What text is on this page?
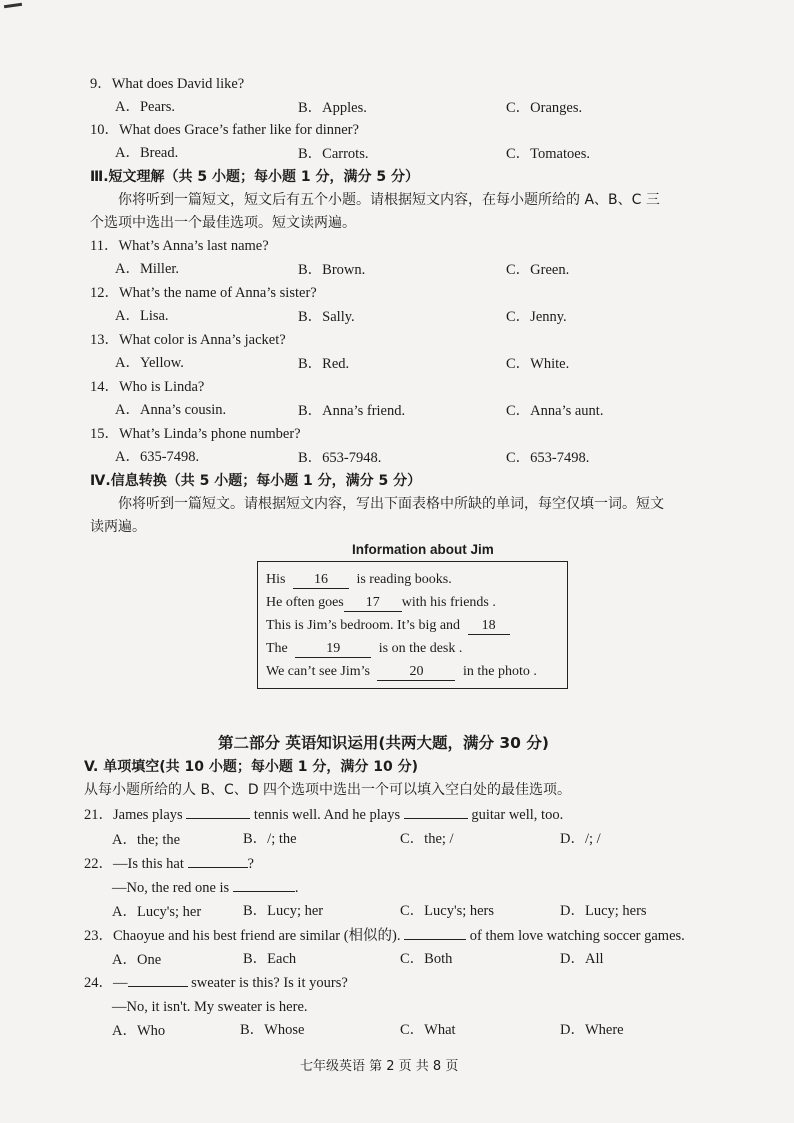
9．What does David like?
A．Pears.	B．Apples.	C．Oranges.
10．What does Grace’s father like for dinner?
A．Bread.	B．Carrots.	C．Tomatoes.
Ⅲ.短文理解（共 5 小题；每小题 1 分，满分 5 分）
你将听到一篇短文，短文后有五个小题。请根据短文内容，在每小题所给的 A、B、C 三
个选项中选出一个最佳选项。短文读两遍。
11．What’s Anna’s last name?
A．Miller.	B．Brown.	C．Green.
12．What’s the name of Anna’s sister?
A．Lisa.	B．Sally.	C．Jenny.
13．What color is Anna’s jacket?
A．Yellow.	B．Red.	C．White.
14．Who is Linda?
A．Anna’s cousin.	B．Anna’s friend.	C．Anna’s aunt.
15．What’s Linda’s phone number?
A．635-7498.	B．653-7948.	C．653-7498.
Ⅳ.信息转换（共 5 小题；每小题 1 分，满分 5 分）
你将听到一篇短文。请根据短文内容，写出下面表格中所缺的单词，每空仅填一词。短文
读两遍。
Information about Jim
His 16 is reading books.
He often goes 17 with his friends .
This is Jim’s bedroom. It’s big and 18
The	19	is on the desk .
We can’t see Jim’s	20	in the photo .
第二部分 英语知识运用(共两大题，满分 30 分)
V. 单项填空(共 10 小题；每小题 1 分，满分 10 分)
从每小题所给的人 B、C、D 四个选项中选出一个可以填入空白处的最佳选项。
21．James plays	tennis well. And he plays	guitar well, too.
A．the; the	B．/; the	C．the; /	D．/; /
22．—Is this hat	?
—No, the red one is	.
A．Lucy's; her	B．Lucy; her	C．Lucy's; hers	D．Lucy; hers
23．Chaoyue and his best friend are similar (相似的).	of them love watching soccer games.
A．One	B．Each	C．Both	D．All
24．—	sweater is this? Is it yours?
—No, it isn't. My sweater is here.
A．Who	B．Whose	C．What	D．Where
七年级英语 第 2 页 共 8 页
